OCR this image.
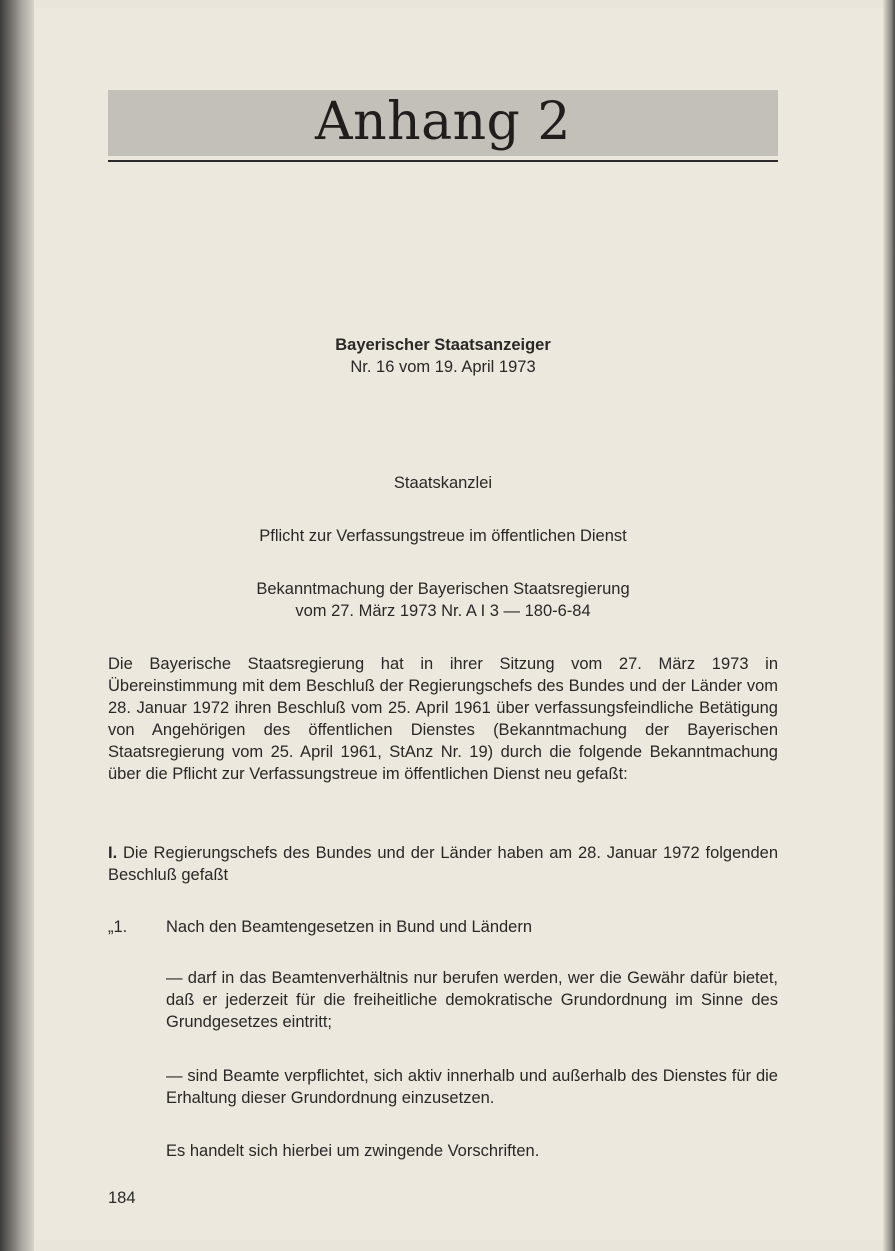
Anhang 2
Bayerischer Staatsanzeiger
Nr. 16 vom 19. April 1973
Staatskanzlei
Pflicht zur Verfassungstreue im öffentlichen Dienst
Bekanntmachung der Bayerischen Staatsregierung
vom 27. März 1973 Nr. A I 3 — 180-6-84
Die Bayerische Staatsregierung hat in ihrer Sitzung vom 27. März 1973 in Übereinstimmung mit dem Beschluß der Regierungschefs des Bundes und der Länder vom 28. Januar 1972 ihren Beschluß vom 25. April 1961 über verfassungsfeindliche Betätigung von Angehörigen des öffentlichen Dienstes (Bekanntmachung der Bayerischen Staatsregierung vom 25. April 1961, StAnz Nr. 19) durch die folgende Bekanntmachung über die Pflicht zur Verfassungstreue im öffentlichen Dienst neu gefaßt:
I. Die Regierungschefs des Bundes und der Länder haben am 28. Januar 1972 folgenden Beschluß gefaßt
„1.	Nach den Beamtengesetzen in Bund und Ländern
— darf in das Beamtenverhältnis nur berufen werden, wer die Gewähr dafür bietet, daß er jederzeit für die freiheitliche demokratische Grundordnung im Sinne des Grundgesetzes eintritt;
— sind Beamte verpflichtet, sich aktiv innerhalb und außerhalb des Dienstes für die Erhaltung dieser Grundordnung einzusetzen.
Es handelt sich hierbei um zwingende Vorschriften.
184
